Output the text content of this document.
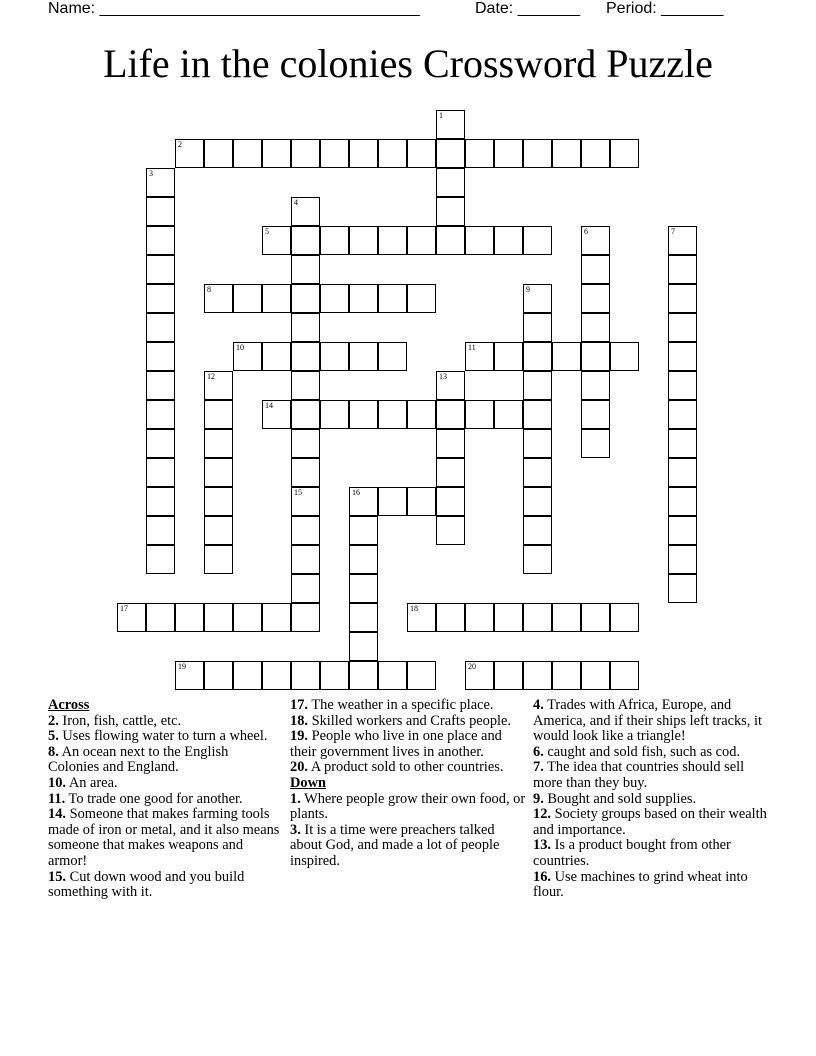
Name: ____________________________________	Date: _______ Period: _______
Life in the colonies Crossword Puzzle
1
2
3
4
15
5	6	7
8	9
10	11
12	13
14
16
17	18
19	20

Across

2. Iron, fish, cattle, etc.

5. Uses flowing water to turn a wheel.

8. An ocean next to the English Colonies and England.

10. An area.

11. To trade one good for another.

14. Someone that makes farming tools made of iron or metal, and it also means someone that makes weapons and armor!

15. Cut down wood and you build something with it.

17. The weather in a specific place.

18. Skilled workers and Crafts people.

19. People who live in one place and their government lives in another.

20. A product sold to other countries.

Down

1. Where people grow their own food, or plants.

3. It is a time were preachers talked about God, and made a lot of people inspired.

4. Trades with Africa, Europe, and America, and if their ships left tracks, it would look like a triangle!

6. caught and sold fish, such as cod.

7. The idea that countries should sell more than they buy.

9. Bought and sold supplies.

12. Society groups based on their wealth and importance.

13. Is a product bought from other countries.

16. Use machines to grind wheat into flour.
